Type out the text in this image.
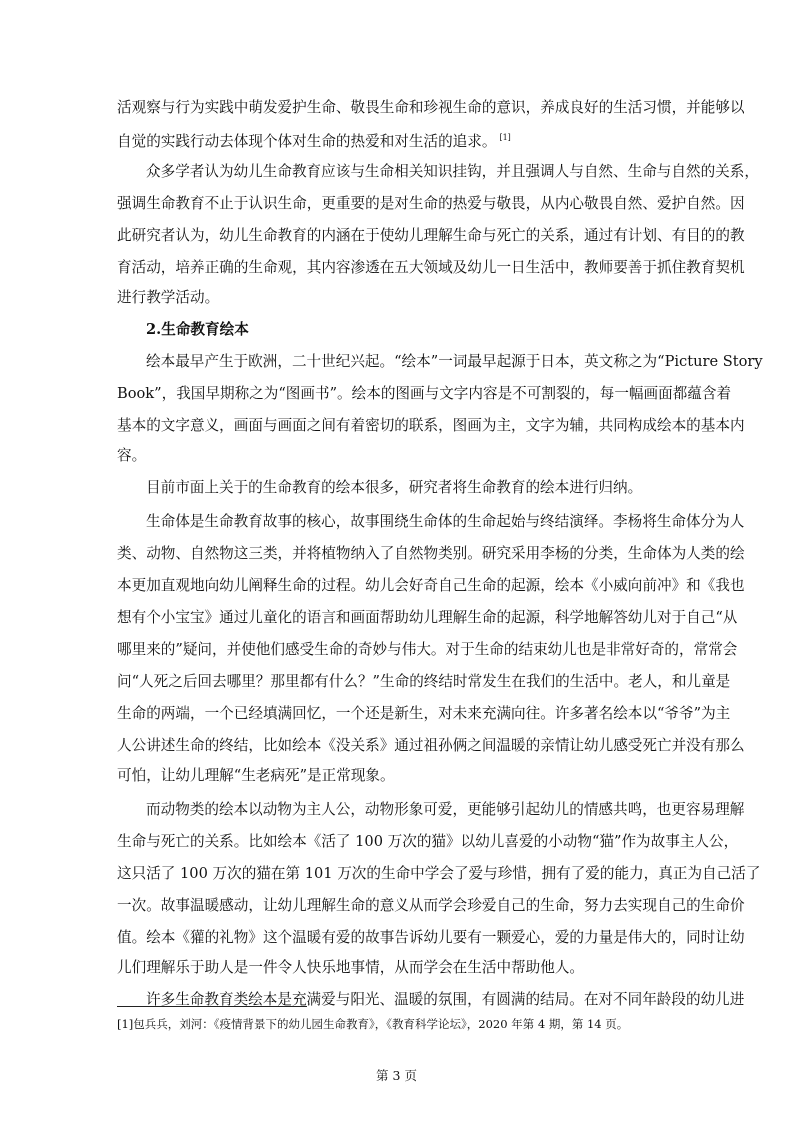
活观察与行为实践中萌发爱护生命、敬畏生命和珍视生命的意识，养成良好的生活习惯，并能够以
自觉的实践行动去体现个体对生命的热爱和对生活的追求。 [1]
众多学者认为幼儿生命教育应该与生命相关知识挂钩，并且强调人与自然、生命与自然的关系，
强调生命教育不止于认识生命，更重要的是对生命的热爱与敬畏，从内心敬畏自然、爱护自然。因
此研究者认为，幼儿生命教育的内涵在于使幼儿理解生命与死亡的关系，通过有计划、有目的的教
育活动，培养正确的生命观，其内容渗透在五大领域及幼儿一日生活中，教师要善于抓住教育契机
进行教学活动。
2.生命教育绘本
绘本最早产生于欧洲，二十世纪兴起。“绘本”一词最早起源于日本，英文称之为“Picture Story
Book”，我国早期称之为“图画书”。绘本的图画与文字内容是不可割裂的，每一幅画面都蕴含着
基本的文字意义，画面与画面之间有着密切的联系，图画为主，文字为辅，共同构成绘本的基本内
容。
目前市面上关于的生命教育的绘本很多，研究者将生命教育的绘本进行归纳。
生命体是生命教育故事的核心，故事围绕生命体的生命起始与终结演绎。李杨将生命体分为人
类、动物、自然物这三类，并将植物纳入了自然物类别。研究采用李杨的分类，生命体为人类的绘
本更加直观地向幼儿阐释生命的过程。幼儿会好奇自己生命的起源，绘本《小威向前冲》和《我也
想有个小宝宝》通过儿童化的语言和画面帮助幼儿理解生命的起源，科学地解答幼儿对于自己“从
哪里来的”疑问，并使他们感受生命的奇妙与伟大。对于生命的结束幼儿也是非常好奇的，常常会
问“人死之后回去哪里？那里都有什么？”生命的终结时常发生在我们的生活中。老人，和儿童是
生命的两端，一个已经填满回忆，一个还是新生，对未来充满向往。许多著名绘本以“爷爷”为主
人公讲述生命的终结，比如绘本《没关系》通过祖孙俩之间温暖的亲情让幼儿感受死亡并没有那么
可怕，让幼儿理解“生老病死”是正常现象。
而动物类的绘本以动物为主人公，动物形象可爱，更能够引起幼儿的情感共鸣，也更容易理解
生命与死亡的关系。比如绘本《活了 100 万次的猫》以幼儿喜爱的小动物“猫”作为故事主人公，
这只活了 100 万次的猫在第 101 万次的生命中学会了爱与珍惜，拥有了爱的能力，真正为自己活了
一次。故事温暖感动，让幼儿理解生命的意义从而学会珍爱自己的生命，努力去实现自己的生命价
值。绘本《獾的礼物》这个温暖有爱的故事告诉幼儿要有一颗爱心，爱的力量是伟大的，同时让幼
儿们理解乐于助人是一件令人快乐地事情，从而学会在生活中帮助他人。
许多生命教育类绘本是充满爱与阳光、温暖的氛围，有圆满的结局。在对不同年龄段的幼儿进
[1]包兵兵，刘河：《疫情背景下的幼儿园生命教育》，《教育科学论坛》，2020 年第 4 期，第 14 页。
第 3 页
